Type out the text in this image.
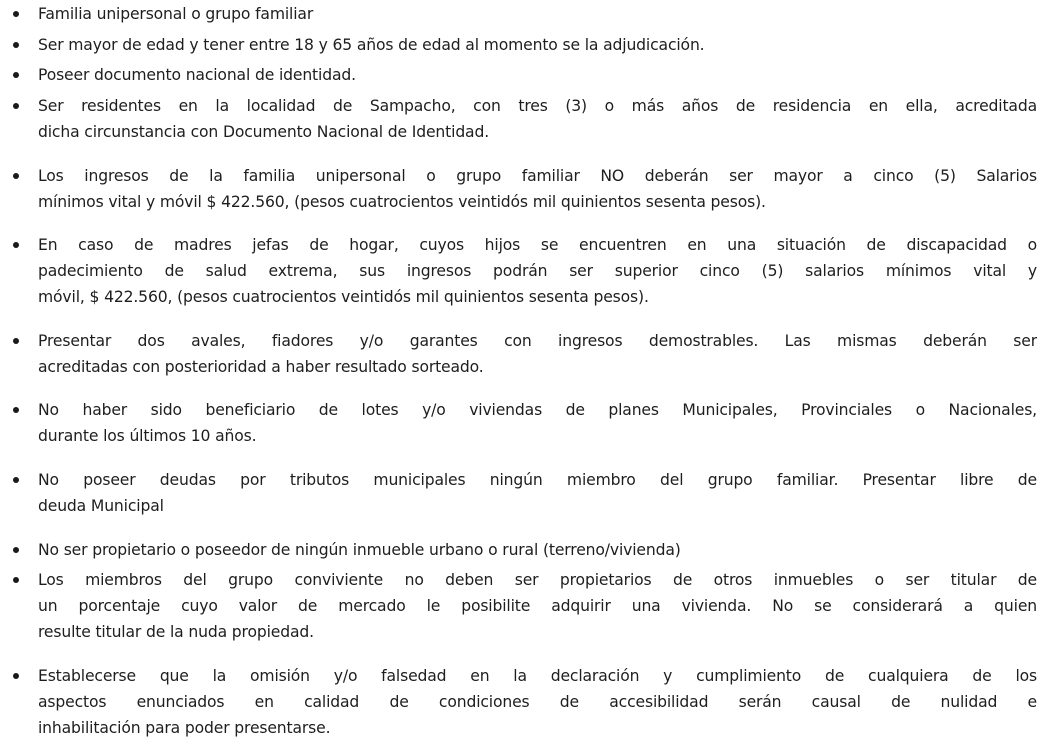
Familia unipersonal o grupo familiar
Ser mayor de edad y tener entre 18 y 65 años de edad al momento se la adjudicación.
Poseer documento nacional de identidad.
Ser residentes en la localidad de Sampacho, con tres (3) o más años de residencia en ella, acreditada
dicha circunstancia con Documento Nacional de Identidad.
Los ingresos de la familia unipersonal o grupo familiar NO deberán ser mayor a cinco (5) Salarios
mínimos vital y móvil $ 422.560, (pesos cuatrocientos veintidós mil quinientos sesenta pesos).
En caso de madres jefas de hogar, cuyos hijos se encuentren en una situación de discapacidad o
padecimiento de salud extrema, sus ingresos podrán ser superior cinco (5) salarios mínimos vital y
móvil, $ 422.560, (pesos cuatrocientos veintidós mil quinientos sesenta pesos).
Presentar dos avales, fiadores y/o garantes con ingresos demostrables. Las mismas deberán ser
acreditadas con posterioridad a haber resultado sorteado.
No haber sido beneficiario de lotes y/o viviendas de planes Municipales, Provinciales o Nacionales,
durante los últimos 10 años.
No poseer deudas por tributos municipales ningún miembro del grupo familiar. Presentar libre de
deuda Municipal
No ser propietario o poseedor de ningún inmueble urbano o rural (terreno/vivienda)
Los miembros del grupo conviviente no deben ser propietarios de otros inmuebles o ser titular de
un porcentaje cuyo valor de mercado le posibilite adquirir una vivienda. No se considerará a quien
resulte titular de la nuda propiedad.
Establecerse que la omisión y/o falsedad en la declaración y cumplimiento de cualquiera de los
aspectos enunciados en calidad de condiciones de accesibilidad serán causal de nulidad e
inhabilitación para poder presentarse.
